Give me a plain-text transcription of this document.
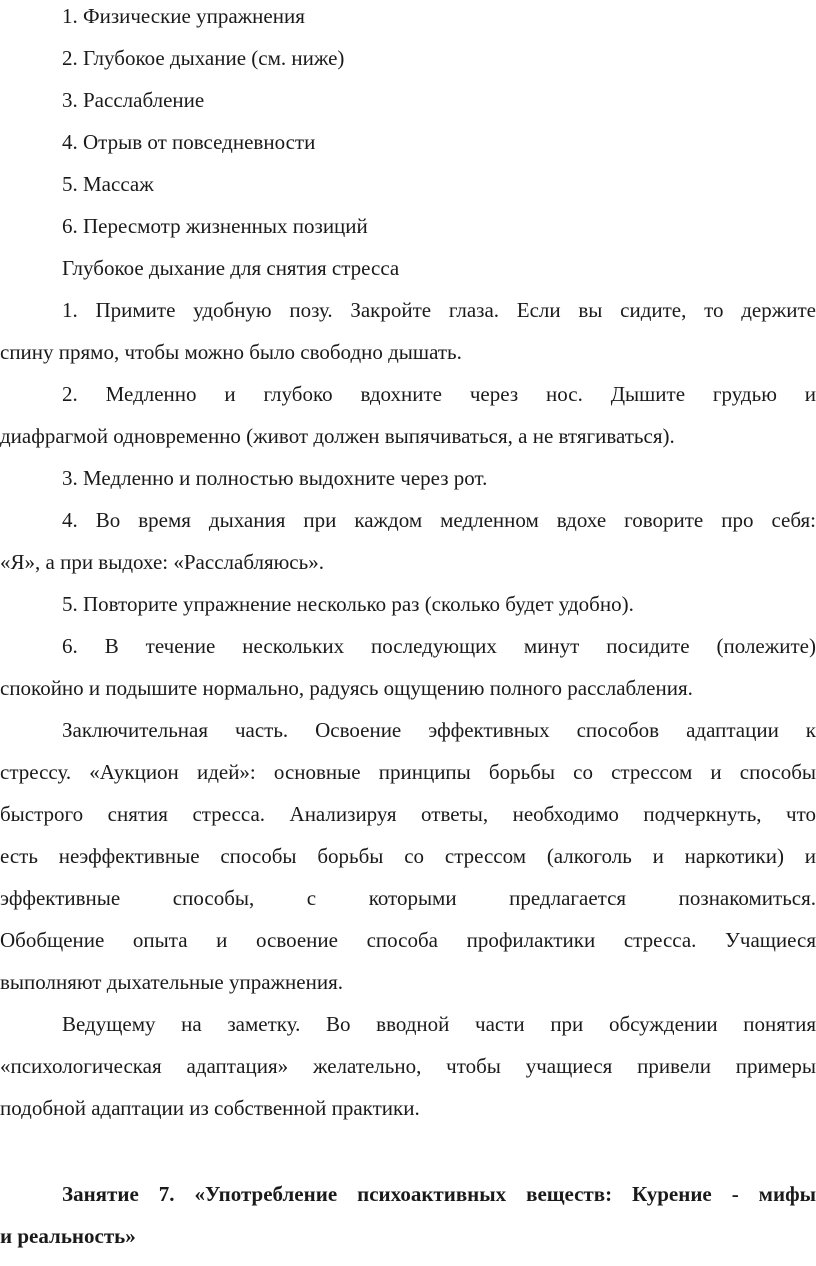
1. Физические упражнения

2. Глубокое дыхание (см. ниже)

3. Расслабление

4. Отрыв от повседневности

5. Массаж

6. Пересмотр жизненных позиций

Глубокое дыхание для снятия стресса

1. Примите удобную позу. Закройте глаза. Если вы сидите, то держите

спину прямо, чтобы можно было свободно дышать.

2. Медленно и глубоко вдохните через нос. Дышите грудью и

диафрагмой одновременно (живот должен выпячиваться, а не втягиваться).

3. Медленно и полностью выдохните через рот.

4. Во время дыхания при каждом медленном вдохе говорите про себя:

«Я», а при выдохе: «Расслабляюсь».

5. Повторите упражнение несколько раз (сколько будет удобно).

6. В течение нескольких последующих минут посидите (полежите)

спокойно и подышите нормально, радуясь ощущению полного расслабления.

Заключительная часть. Освоение эффективных способов адаптации к

стрессу. «Аукцион идей»: основные принципы борьбы со стрессом и способы

быстрого снятия стресса. Анализируя ответы, необходимо подчеркнуть, что

есть неэффективные способы борьбы со стрессом (алкоголь и наркотики) и

эффективные способы, с которыми предлагается познакомиться.

Обобщение опыта и освоение способа профилактики стресса. Учащиеся

выполняют дыхательные упражнения.

Ведущему на заметку. Во вводной части при обсуждении понятия

«психологическая адаптация» желательно, чтобы учащиеся привели примеры

подобной адаптации из собственной практики.

Занятие 7. «Употребление психоактивных веществ: Курение - мифы

и реальность»
